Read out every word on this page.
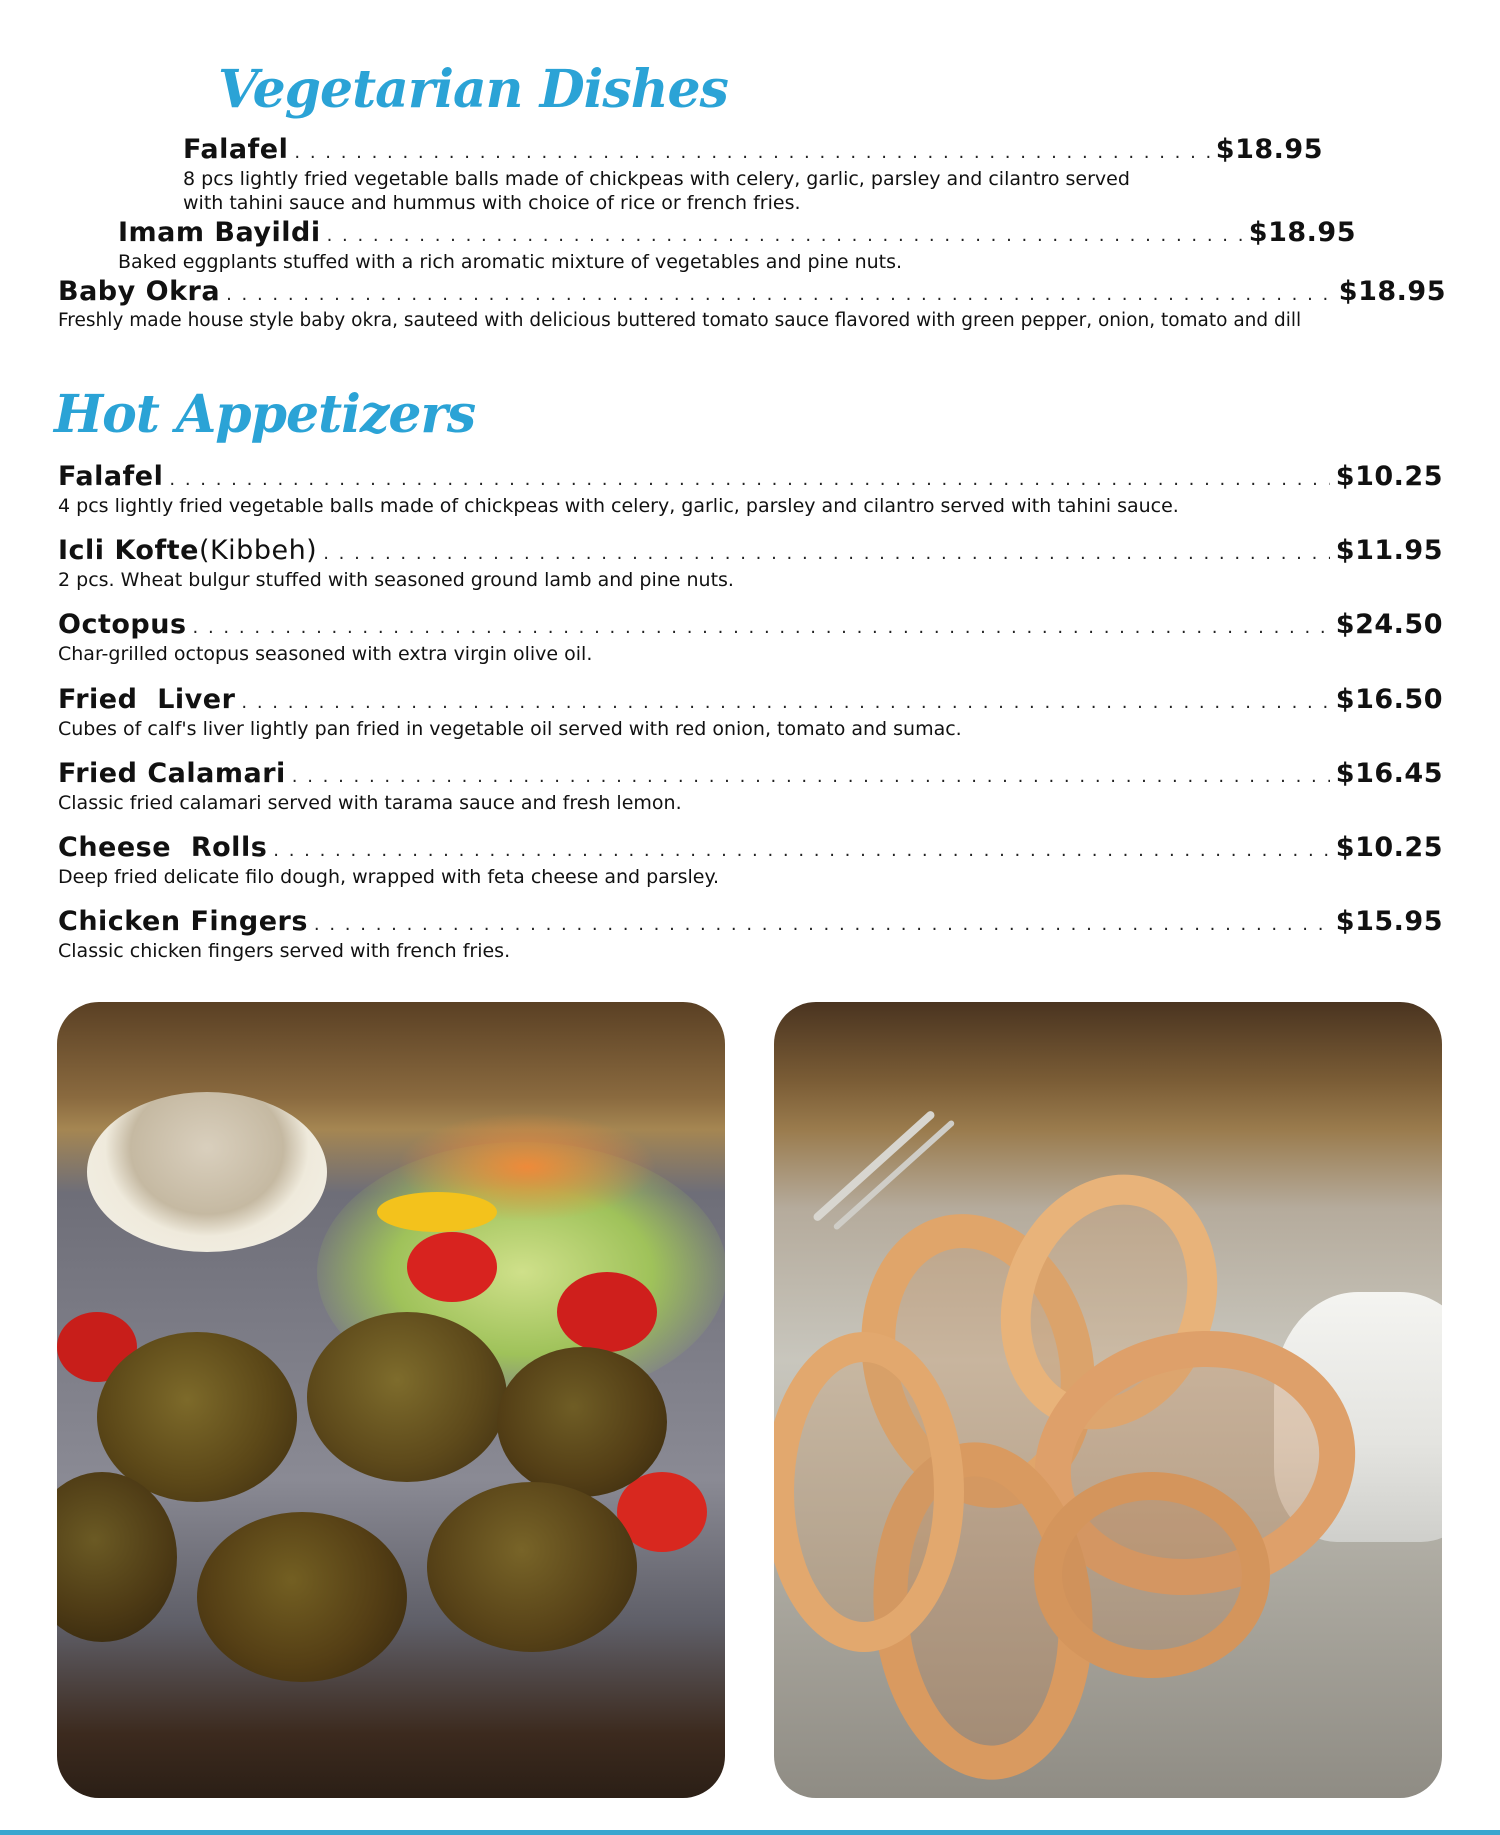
Vegetarian Dishes
Falafel . . .	$18.95
8 pcs lightly fried vegetable balls made of chickpeas with celery, garlic, parsley and cilantro served
with tahini sauce and hummus with choice of rice or french fries.
Imam Bayildi . . .	$18.95
Baked eggplants stuffed with a rich aromatic mixture of vegetables and pine nuts.
Baby Okra . . .	$18.95
Freshly made house style baby okra, sauteed with delicious buttered tomato sauce flavored with green pepper, onion, tomato and dill
Hot Appetizers
Falafel . . .	$10.25
4 pcs lightly fried vegetable balls made of chickpeas with celery, garlic, parsley and cilantro served with tahini sauce.
Icli Kofte (Kibbeh) . . .	$11.95
2 pcs. Wheat bulgur stuffed with seasoned ground lamb and pine nuts.
Octopus . . .	$24.50
Char-grilled octopus seasoned with extra virgin olive oil.
Fried  Liver . . .	$16.50
Cubes of calf's liver lightly pan fried in vegetable oil served with red onion, tomato and sumac.
Fried Calamari . . .	$16.45
Classic fried calamari served with tarama sauce and fresh lemon.
Cheese  Rolls . . .	$10.25
Deep fried delicate filo dough, wrapped with feta cheese and parsley.
Chicken Fingers . . .	$15.95
Classic chicken fingers served with french fries.
